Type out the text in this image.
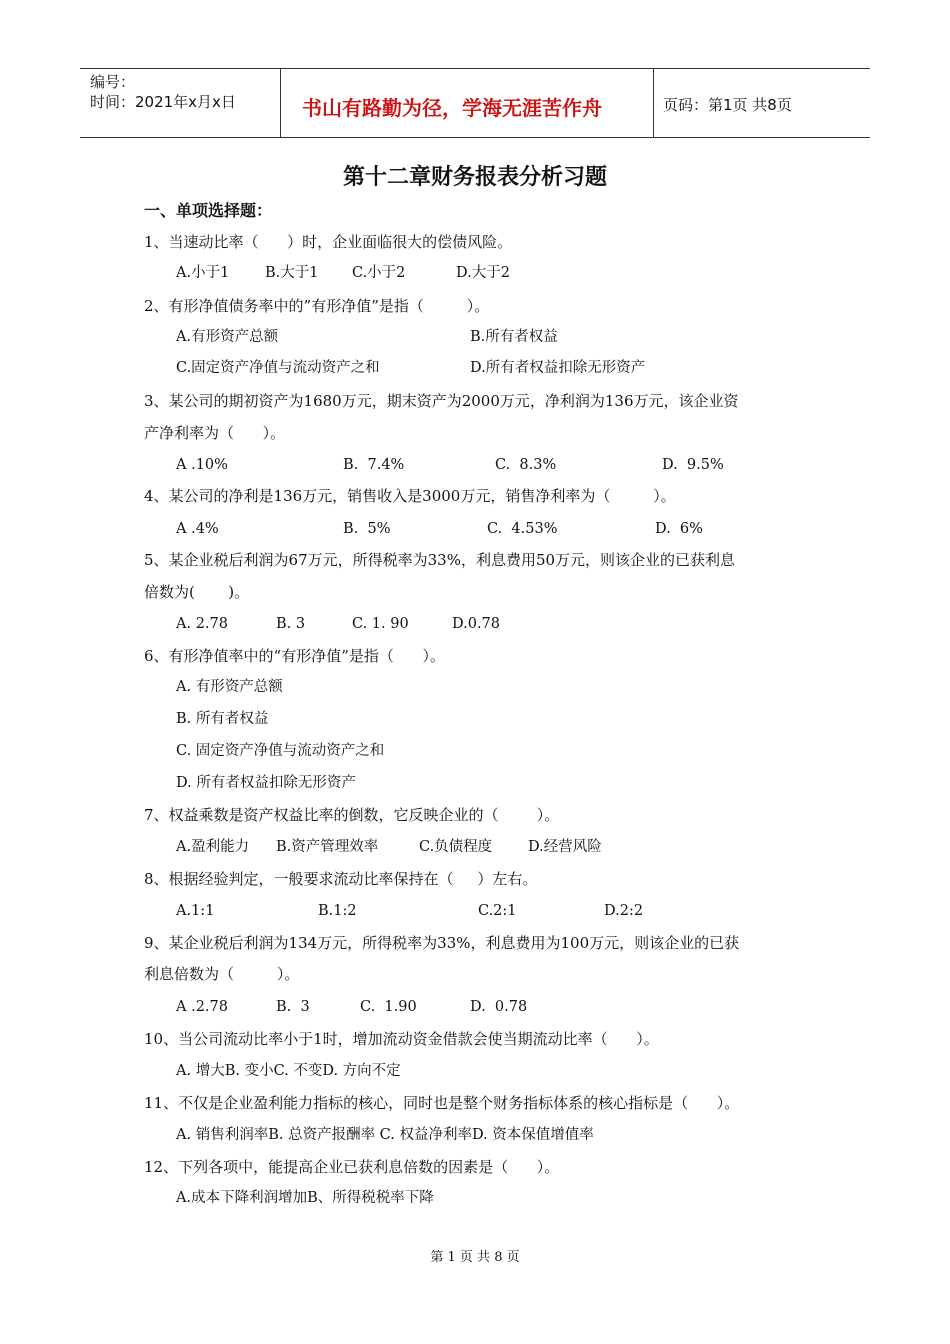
编号：
时间：2021年x月x日	书山有路勤为径，学海无涯苦作舟	页码：第1页 共8页
第十二章财务报表分析习题
一、单项选择题：
1、当速动比率（      ）时，企业面临很大的偿债风险。
A.小于1 B.大于1 C.小于2	D.大于2
2、有形净值债务率中的”有形净值”是指（         ）。
A.有形资产总额	B.所有者权益
C.固定资产净值与流动资产之和	D.所有者权益扣除无形资产
3、某公司的期初资产为1680万元，期末资产为2000万元，净利润为136万元，该企业资
产净利率为（      ）。
A .10%	B.  7.4%	C.  8.3%	D.  9.5%
4、某公司的净利是136万元，销售收入是3000万元，销售净利率为（         ）。
A .4%	B.  5%	C.  4.53%	D.  6%
5、某企业税后利润为67万元，所得税率为33%，利息费用50万元，则该企业的已获利息
倍数为(       )。
A. 2.78	B. 3	C. 1. 90	D.0.78
6、有形净值率中的“有形净值”是指（      ）。
A. 有形资产总额
B. 所有者权益
C. 固定资产净值与流动资产之和
D. 所有者权益扣除无形资产
7、权益乘数是资产权益比率的倒数，它反映企业的（        ）。
A.盈利能力 B.资产管理效率	C.负债程度 D.经营风险
8、根据经验判定，一般要求流动比率保持在（     ）左右。
A.1:1	B.1:2	C.2:1	D.2:2
9、某企业税后利润为134万元，所得税率为33%，利息费用为100万元，则该企业的已获
利息倍数为（         ）。
A .2.78	B.  3	C.  1.90	D.  0.78
10、当公司流动比率小于1时，增加流动资金借款会使当期流动比率（      ）。
A. 增大B. 变小C. 不变D. 方向不定
11、不仅是企业盈利能力指标的核心，同时也是整个财务指标体系的核心指标是（      ）。
A. 销售利润率B. 总资产报酬率 C. 权益净利率D. 资本保值增值率
12、下列各项中，能提高企业已获利息倍数的因素是（      ）。
A.成本下降利润增加B、所得税税率下降
第 1 页 共 8 页
